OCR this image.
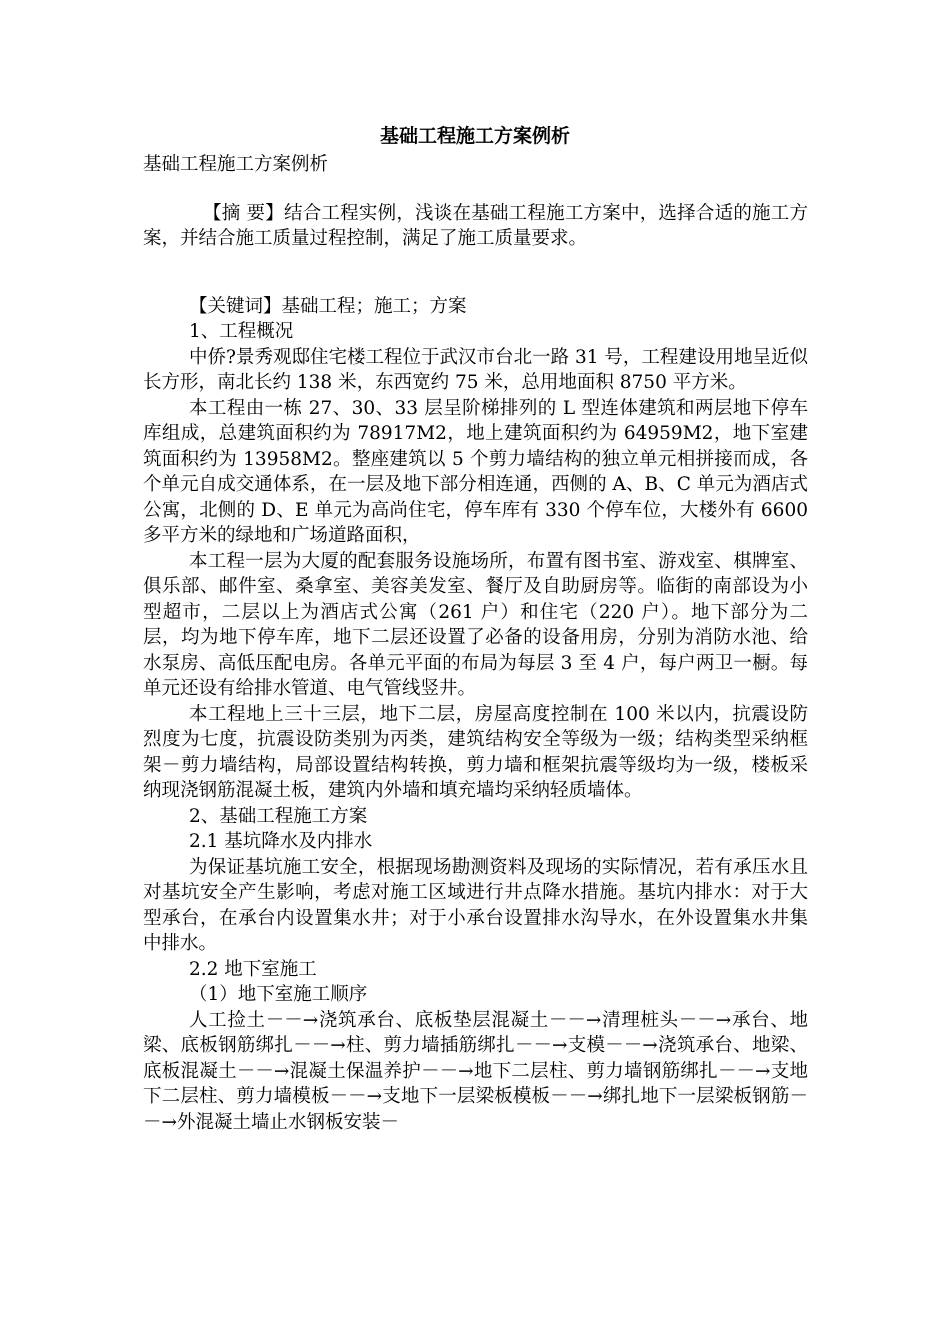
基础工程施工方案例析

基础工程施工方案例析

【摘 要】结合工程实例，浅谈在基础工程施工方案中，选择合适的施工方案，并结合施工质量过程控制，满足了施工质量要求。

【关键词】基础工程；施工；方案

1、工程概况

中侨?景秀观邸住宅楼工程位于武汉市台北一路 31 号，工程建设用地呈近似长方形，南北长约 138 米，东西宽约 75 米，总用地面积 8750 平方米。

本工程由一栋 27、30、33 层呈阶梯排列的 L 型连体建筑和两层地下停车库组成，总建筑面积约为 78917M2，地上建筑面积约为 64959M2，地下室建筑面积约为 13958M2。整座建筑以 5 个剪力墙结构的独立单元相拼接而成，各个单元自成交通体系，在一层及地下部分相连通，西侧的 A、B、C 单元为酒店式公寓，北侧的 D、E 单元为高尚住宅，停车库有 330 个停车位，大楼外有 6600 多平方米的绿地和广场道路面积，

本工程一层为大厦的配套服务设施场所，布置有图书室、游戏室、棋牌室、俱乐部、邮件室、桑拿室、美容美发室、餐厅及自助厨房等。临街的南部设为小型超市，二层以上为酒店式公寓（261 户）和住宅（220 户）。地下部分为二层，均为地下停车库，地下二层还设置了必备的设备用房，分别为消防水池、给水泵房、高低压配电房。各单元平面的布局为每层 3 至 4 户，每户两卫一橱。每单元还设有给排水管道、电气管线竖井。

本工程地上三十三层，地下二层，房屋高度控制在 100 米以内，抗震设防烈度为七度，抗震设防类别为丙类，建筑结构安全等级为一级；结构类型采纳框架－剪力墙结构，局部设置结构转换，剪力墙和框架抗震等级均为一级，楼板采纳现浇钢筋混凝土板，建筑内外墙和填充墙均采纳轻质墙体。

2、基础工程施工方案

2.1 基坑降水及内排水

为保证基坑施工安全，根据现场勘测资料及现场的实际情况，若有承压水且对基坑安全产生影响，考虑对施工区域进行井点降水措施。基坑内排水：对于大型承台，在承台内设置集水井；对于小承台设置排水沟导水，在外设置集水井集中排水。

2.2 地下室施工

（1）地下室施工顺序

人工捡土－－→浇筑承台、底板垫层混凝土－－→清理桩头－－→承台、地梁、底板钢筋绑扎－－→柱、剪力墙插筋绑扎－－→支模－－→浇筑承台、地梁、底板混凝土－－→混凝土保温养护－－→地下二层柱、剪力墙钢筋绑扎－－→支地下二层柱、剪力墙模板－－→支地下一层梁板模板－－→绑扎地下一层梁板钢筋－－→外混凝土墙止水钢板安装－
